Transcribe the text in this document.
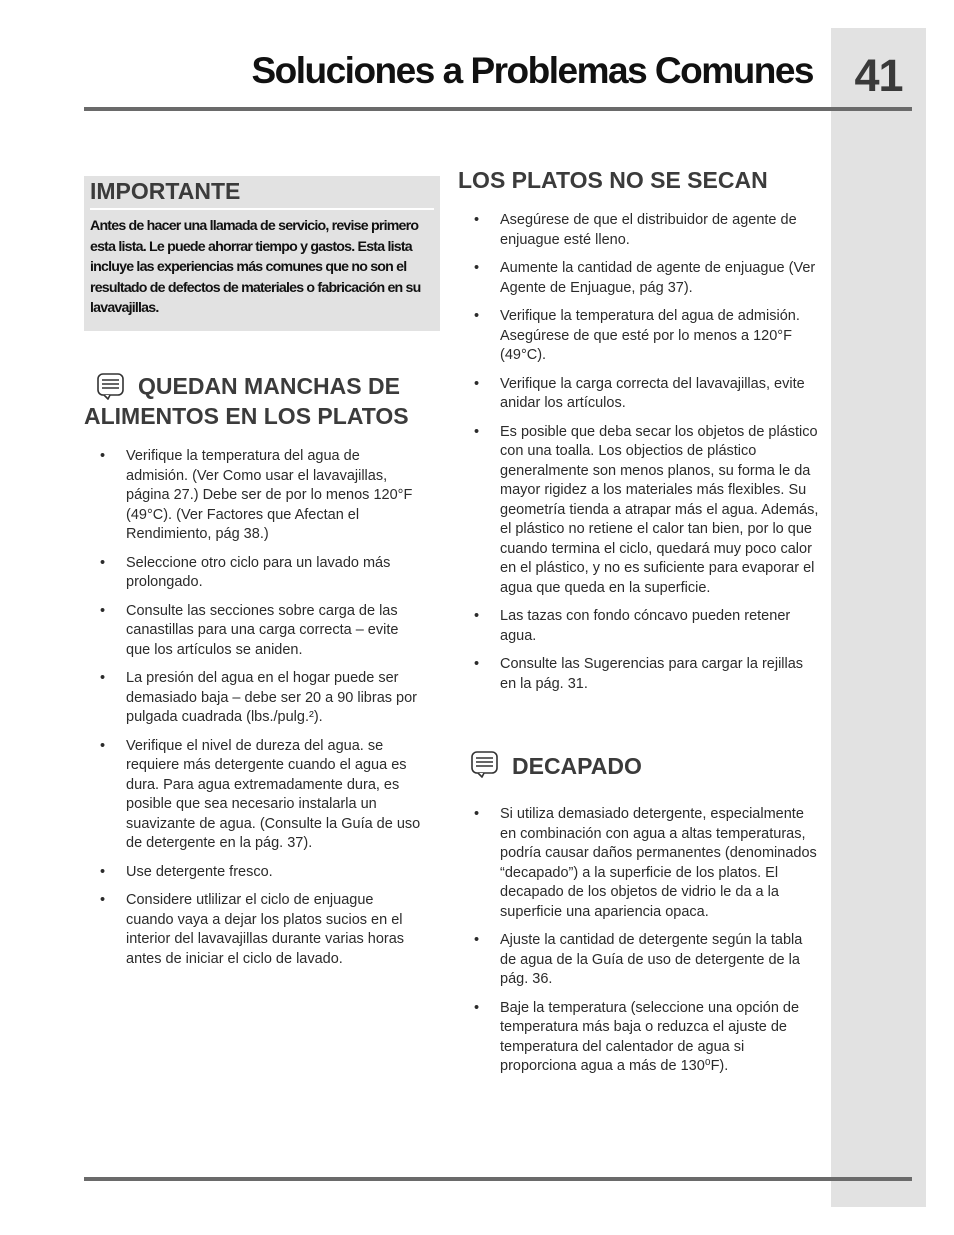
41
Soluciones a Problemas Comunes
IMPORTANTE
Antes de hacer una llamada de servicio, revise primero esta lista. Le puede ahorrar tiempo y gastos. Esta lista incluye las experiencias más comunes que no son el resultado de defectos de materiales o fabricación en su lavavajillas.
QUEDAN MANCHAS DE
ALIMENTOS EN LOS PLATOS
• Verifique la temperatura del agua de admisión. (Ver Como usar el lavavajillas, página 27.) Debe ser de por lo menos 120°F (49°C). (Ver Factores que Afectan el Rendimiento, pág 38.)
• Seleccione otro ciclo para un lavado más prolongado.
• Consulte las secciones sobre carga de las canastillas para una carga correcta – evite que los artículos se aniden.
• La presión del agua en el hogar puede ser demasiado baja – debe ser 20 a 90 libras por pulgada cuadrada (lbs./pulg.²).
• Verifique el nivel de dureza del agua. se requiere más detergente cuando el agua es dura. Para agua extremadamente dura, es posible que sea necesario instalarla un suavizante de agua. (Consulte la Guía de uso de detergente en la pág. 37).
• Use detergente fresco.
• Considere utlilizar el ciclo de enjuague cuando vaya a dejar los platos sucios en el interior del lavavajillas durante varias horas antes de iniciar el ciclo de lavado.
LOS PLATOS NO SE SECAN
• Asegúrese de que el distribuidor de agente de enjuague esté lleno.
• Aumente la cantidad de agente de enjuague (Ver Agente de Enjuague, pág 37).
• Verifique la temperatura del agua de admisión. Asegúrese de que esté por lo menos a 120°F (49°C).
• Verifique la carga correcta del lavavajillas, evite anidar los artículos.
• Es posible que deba secar los objetos de plástico con una toalla. Los objectios de plástico generalmente son menos planos, su forma le da mayor rigidez a los materiales más flexibles. Su geometría tienda a atrapar más el agua. Además, el plástico no retiene el calor tan bien, por lo que cuando termina el ciclo, quedará muy poco calor en el plástico, y no es suficiente para evaporar el agua que queda en la superficie.
• Las tazas con fondo cóncavo pueden retener agua.
• Consulte las Sugerencias para cargar la rejillas en la pág. 31.
DECAPADO
• Si utiliza demasiado detergente, especialmente en combinación con agua a altas temperaturas, podría causar daños permanentes (denominados “decapado”) a la superficie de los platos. El decapado de los objetos de vidrio le da a la superficie una apariencia opaca.
• Ajuste la cantidad de detergente según la tabla de agua de la Guía de uso de detergente de la pág. 36.
• Baje la temperatura (seleccione una opción de temperatura más baja o reduzca el ajuste de temperatura del calentador de agua si proporciona agua a más de 130⁰F).
